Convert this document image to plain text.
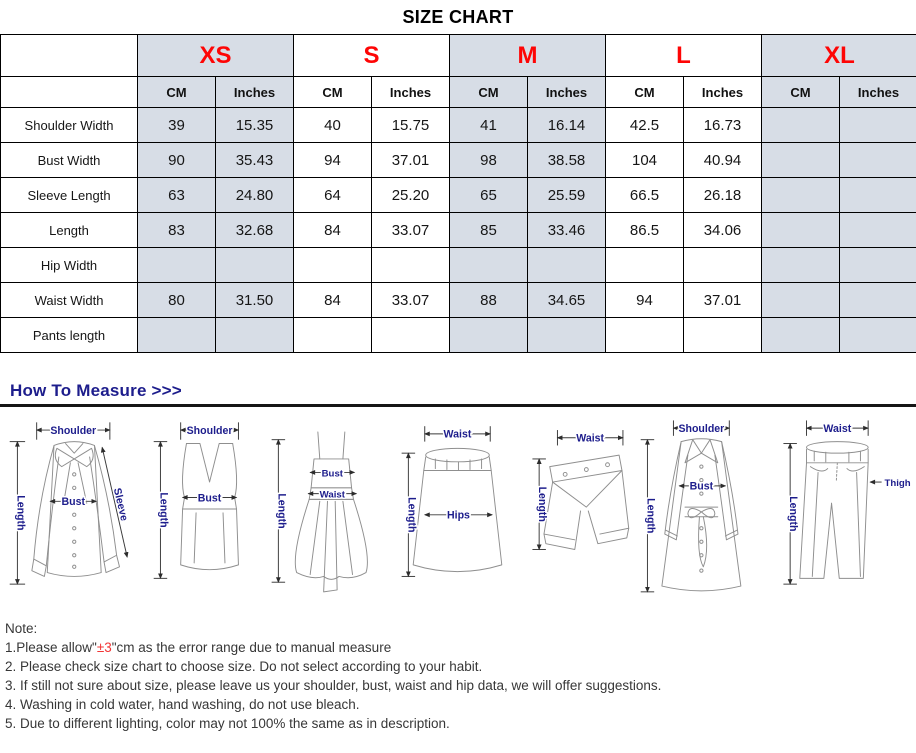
SIZE CHART
	XS		S		M		L		XL	
	CM	Inches	CM	Inches	CM	Inches	CM	Inches	CM	Inches
Shoulder Width	39	15.35	40	15.75	41	16.14	42.5	16.73		
Bust Width	90	35.43	94	37.01	98	38.58	104	40.94		
Sleeve Length	63	24.80	64	25.20	65	25.59	66.5	26.18		
Length	83	32.68	84	33.07	85	33.46	86.5	34.06		
Hip Width										
Waist Width	80	31.50	84	33.07	88	34.65	94	37.01		
Pants length										
How To Measure >>>
Shoulder
Length	Bust Sleeve
Shoulder
Length	Bust	Length
Bust
Waist
Waist
Length	Hips
Waist
Length
Shoulder
Length
Bust
Waist
Length
Thigh
Note:
1.Please allow"±3"cm as the error range due to manual measure
2. Please check size chart to choose size. Do not select according to your habit.
3. If still not sure about size, please leave us your shoulder, bust, waist and hip data, we will offer suggestions.
4. Washing in cold water, hand washing, do not use bleach.
5. Due to different lighting, color may not 100% the same as in description.
